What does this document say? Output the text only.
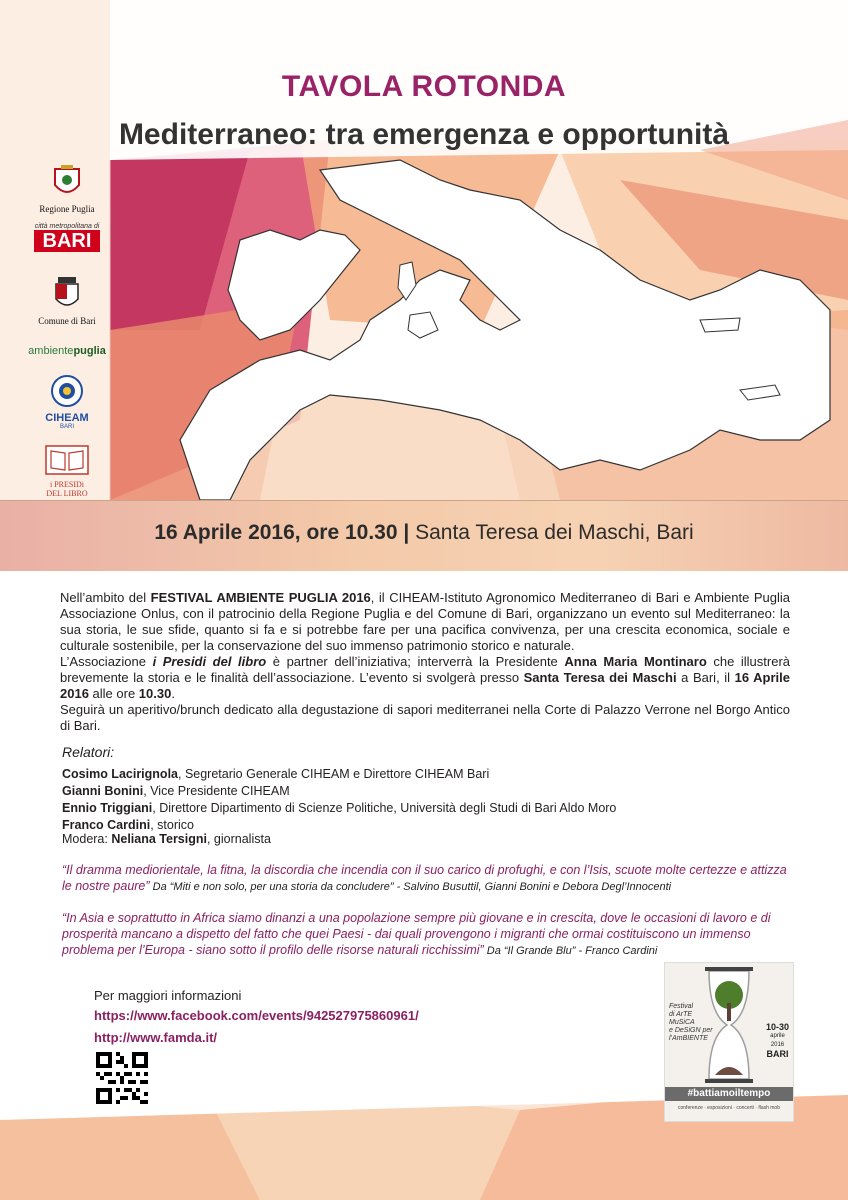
TAVOLA ROTONDA
Mediterraneo: tra emergenza e opportunità
Regione Puglia
città metropolitana di
BARI
Comune di Bari
ambientepuglia
CIHEAM
BARI
i PRESIDi
DEL LIBRO
16 Aprile 2016, ore 10.30 | Santa Teresa dei Maschi, Bari

Nell’ambito del FESTIVAL AMBIENTE PUGLIA 2016, il CIHEAM-Istituto Agronomico Mediterraneo di Bari e Ambiente Puglia Associazione Onlus, con il patrocinio della Regione Puglia e del Comune di Bari, organizzano un evento sul Mediterraneo: la sua storia, le sue sfide, quanto si fa e si potrebbe fare per una pacifica convivenza, per una crescita economica, sociale e culturale sostenibile, per la conservazione del suo immenso patrimonio storico e naturale.

L’Associazione i Presidi del libro è partner dell’iniziativa; interverrà la Presidente Anna Maria Montinaro che illustrerà brevemente la storia e le finalità dell’associazione. L’evento si svolgerà presso Santa Teresa dei Maschi a Bari, il 16 Aprile 2016 alle ore 10.30.

Seguirà un aperitivo/brunch dedicato alla degustazione di sapori mediterranei nella Corte di Palazzo Verrone nel Borgo Antico di Bari.

Relatori:
Cosimo Lacirignola, Segretario Generale CIHEAM e Direttore CIHEAM Bari
Gianni Bonini, Vice Presidente CIHEAM
Ennio Triggiani, Direttore Dipartimento di Scienze Politiche, Università degli Studi di Bari Aldo Moro
Franco Cardini, storico
Modera: Neliana Tersigni, giornalista
“Il dramma mediorientale, la fitna, la discordia che incendia con il suo carico di profughi, e con l’Isis, scuote molte certezze e attizza le nostre paure” Da “Miti e non solo, per una storia da concludere” - Salvino Busuttil, Gianni Bonini e Debora Degl’Innocenti
“In Asia e soprattutto in Africa siamo dinanzi a una popolazione sempre più giovane e in crescita, dove le occasioni di lavoro e di prosperità mancano a dispetto del fatto che quei Paesi - dai quali provengono i migranti che ormai costituiscono un immenso problema per l’Europa - siano sotto il profilo delle risorse naturali ricchissimi” Da “Il Grande Blu” - Franco Cardini
Per maggiori informazioni
https://www.facebook.com/events/942527975860961/
http://www.famda.it/
Festival
di ArTE
MuSiCA
e DeSiGN per
l’AmBIENTE
10-30
aprile
2016
BARI
#battiamoiltempo
conferenze · esposizioni · concerti · flash mob
